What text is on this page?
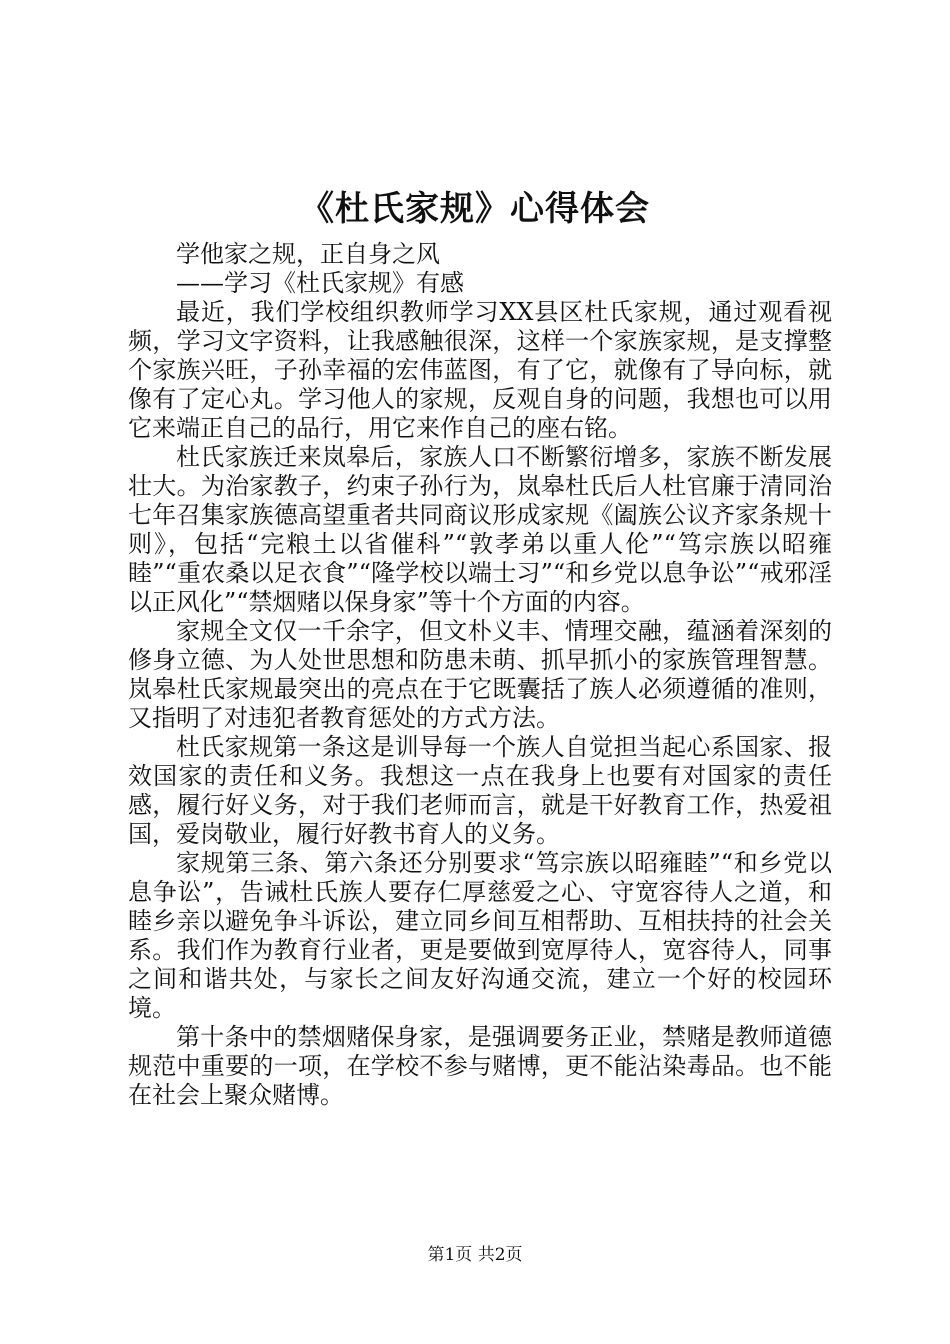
《杜氏家规》心得体会

学他家之规，正自身之风

——学习《杜氏家规》有感

最近，我们学校组织教师学习XX县区杜氏家规，通过观看视频，学习文字资料，让我感触很深，这样一个家族家规，是支撑整个家族兴旺，子孙幸福的宏伟蓝图，有了它，就像有了导向标，就像有了定心丸。学习他人的家规，反观自身的问题，我想也可以用它来端正自己的品行，用它来作自己的座右铭。

杜氏家族迁来岚皋后，家族人口不断繁衍增多，家族不断发展壮大。为治家教子，约束子孙行为，岚皋杜氏后人杜官廉于清同治七年召集家族德高望重者共同商议形成家规《阖族公议齐家条规十则》，包括“完粮土以省催科”“敦孝弟以重人伦”“笃宗族以昭雍睦”“重农桑以足衣食”“隆学校以端士习”“和乡党以息争讼”“戒邪淫以正风化”“禁烟赌以保身家”等十个方面的内容。

家规全文仅一千余字，但文朴义丰、情理交融，蕴涵着深刻的修身立德、为人处世思想和防患未萌、抓早抓小的家族管理智慧。岚皋杜氏家规最突出的亮点在于它既囊括了族人必须遵循的准则，又指明了对违犯者教育惩处的方式方法。

杜氏家规第一条这是训导每一个族人自觉担当起心系国家、报效国家的责任和义务。我想这一点在我身上也要有对国家的责任感，履行好义务，对于我们老师而言，就是干好教育工作，热爱祖国，爱岗敬业，履行好教书育人的义务。

家规第三条、第六条还分别要求“笃宗族以昭雍睦”“和乡党以息争讼”，告诫杜氏族人要存仁厚慈爱之心、守宽容待人之道，和睦乡亲以避免争斗诉讼，建立同乡间互相帮助、互相扶持的社会关系。我们作为教育行业者，更是要做到宽厚待人，宽容待人，同事之间和谐共处，与家长之间友好沟通交流，建立一个好的校园环境。

第十条中的禁烟赌保身家，是强调要务正业，禁赌是教师道德规范中重要的一项，在学校不参与赌博，更不能沾染毒品。也不能在社会上聚众赌博。

第1页 共2页
